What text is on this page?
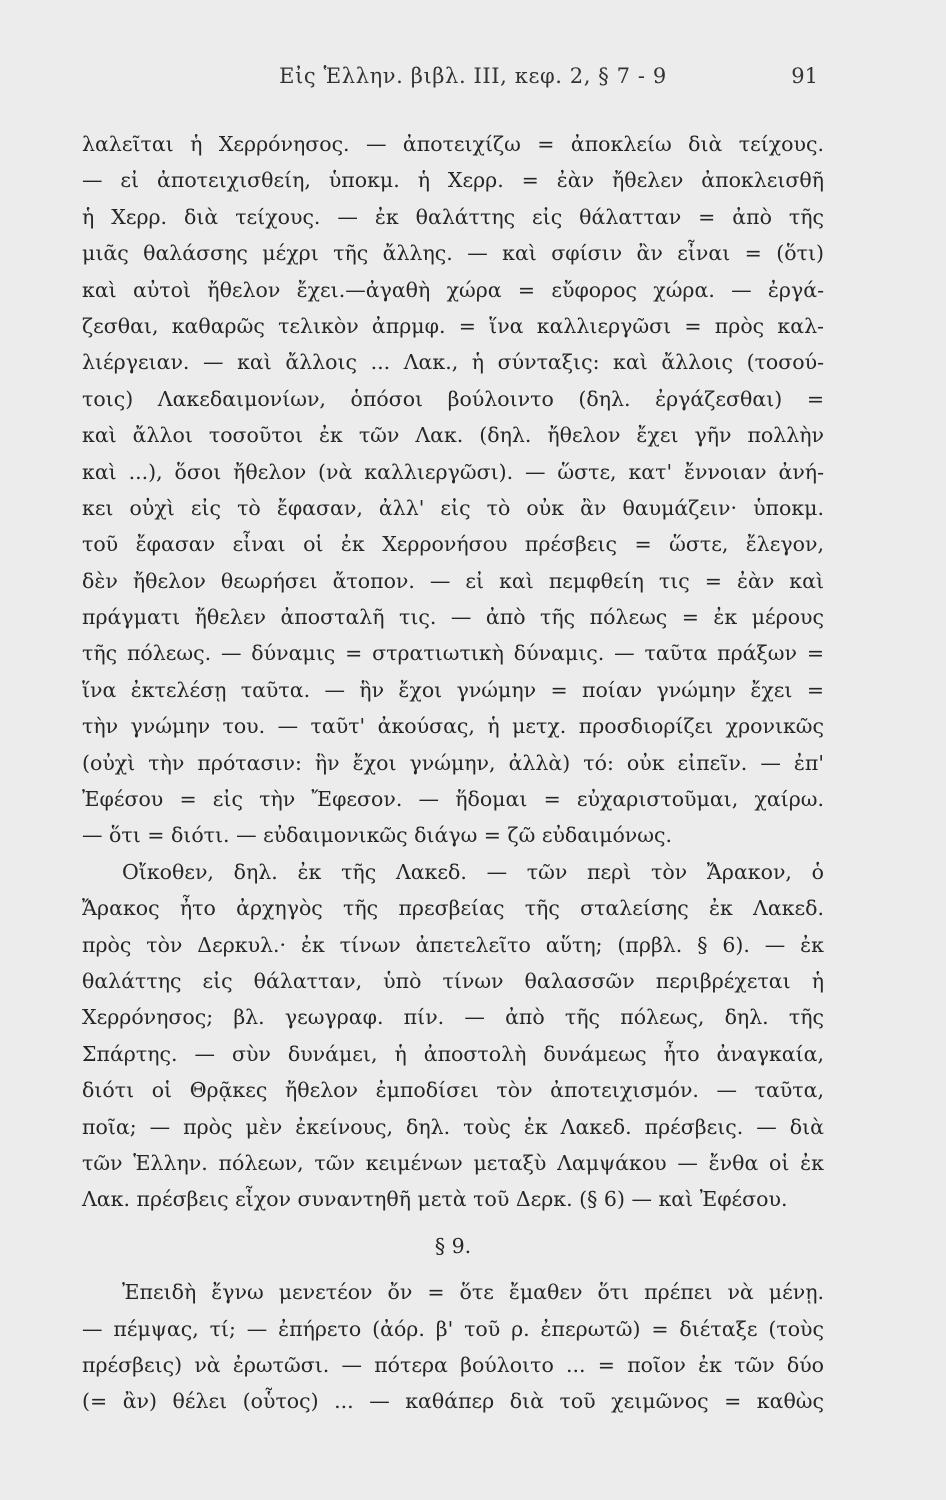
Εἰς Ἑλλην. βιβλ. ΙΙΙ, κεφ. 2, § 7 - 9	91
λαλεῖται ἡ Χερρόνησος. — ἀποτειχίζω = ἀποκλείω διὰ τείχους.
— εἰ ἀποτειχισθείη, ὑποκμ. ἡ Χερρ. = ἐὰν ἤθελεν ἀποκλεισθῆ
ἡ Χερρ. διὰ τείχους. — ἐκ θαλάττης εἰς θάλατταν = ἀπὸ τῆς
μιᾶς θαλάσσης μέχρι τῆς ἄλλης. — καὶ σφίσιν ἂν εἶναι = (ὅτι)
καὶ αὐτοὶ ἤθελον ἔχει.—ἀγαθὴ χώρα = εὔφορος χώρα. — ἐργά-
ζεσθαι, καθαρῶς τελικὸν ἀπρμφ. = ἵνα καλλιεργῶσι = πρὸς καλ-
λιέργειαν. — καὶ ἄλλοις ... Λακ., ἡ σύνταξις: καὶ ἄλλοις (τοσού-
τοις) Λακεδαιμονίων, ὁπόσοι βούλοιντο (δηλ. ἐργάζεσθαι) =
καὶ ἄλλοι τοσοῦτοι ἐκ τῶν Λακ. (δηλ. ἤθελον ἔχει γῆν πολλὴν
καὶ ...), ὅσοι ἤθελον (νὰ καλλιεργῶσι). — ὥστε, κατ' ἔννοιαν ἀνή-
κει οὐχὶ εἰς τὸ ἔφασαν, ἀλλ' εἰς τὸ οὐκ ἂν θαυμάζειν· ὑποκμ.
τοῦ ἔφασαν εἶναι οἱ ἐκ Χερρονήσου πρέσβεις = ὥστε, ἔλεγον,
δὲν ἤθελον θεωρήσει ἄτοπον. — εἰ καὶ πεμφθείη τις = ἐὰν καὶ
πράγματι ἤθελεν ἀποσταλῆ τις. — ἀπὸ τῆς πόλεως = ἐκ μέρους
τῆς πόλεως. — δύναμις = στρατιωτικὴ δύναμις. — ταῦτα πράξων =
ἵνα ἐκτελέσῃ ταῦτα. — ἣν ἔχοι γνώμην = ποίαν γνώμην ἔχει =
τὴν γνώμην του. — ταῦτ' ἀκούσας, ἡ μετχ. προσδιορίζει χρονικῶς
(οὐχὶ τὴν πρότασιν: ἣν ἔχοι γνώμην, ἀλλὰ) τό: οὐκ εἰπεῖν. — ἐπ'
Ἐφέσου = εἰς τὴν Ἔφεσον. — ἥδομαι = εὐχαριστοῦμαι, χαίρω.
— ὅτι = διότι. — εὐδαιμονικῶς διάγω = ζῶ εὐδαιμόνως.
Οἴκοθεν, δηλ. ἐκ τῆς Λακεδ. — τῶν περὶ τὸν Ἄρακον, ὁ
Ἄρακος ἦτο ἀρχηγὸς τῆς πρεσβείας τῆς σταλείσης ἐκ Λακεδ.
πρὸς τὸν Δερκυλ.· ἐκ τίνων ἀπετελεῖτο αὕτη; (πρβλ. § 6). — ἐκ
θαλάττης εἰς θάλατταν, ὑπὸ τίνων θαλασσῶν περιβρέχεται ἡ
Χερρόνησος; βλ. γεωγραφ. πίν. — ἀπὸ τῆς πόλεως, δηλ. τῆς
Σπάρτης. — σὺν δυνάμει, ἡ ἀποστολὴ δυνάμεως ἦτο ἀναγκαία,
διότι οἱ Θρᾷκες ἤθελον ἐμποδίσει τὸν ἀποτειχισμόν. — ταῦτα,
ποῖα; — πρὸς μὲν ἐκείνους, δηλ. τοὺς ἐκ Λακεδ. πρέσβεις. — διὰ
τῶν Ἑλλην. πόλεων, τῶν κειμένων μεταξὺ Λαμψάκου — ἔνθα οἱ ἐκ
Λακ. πρέσβεις εἶχον συναντηθῆ μετὰ τοῦ Δερκ. (§ 6) — καὶ Ἐφέσου.
§ 9.
Ἐπειδὴ ἔγνω μενετέον ὄν = ὅτε ἔμαθεν ὅτι πρέπει νὰ μένῃ.
— πέμψας, τί; — ἐπήρετο (ἀόρ. β' τοῦ ρ. ἐπερωτῶ) = διέταξε (τοὺς
πρέσβεις) νὰ ἐρωτῶσι. — πότερα βούλοιτο ... = ποῖον ἐκ τῶν δύο
(= ἂν) θέλει (οὗτος) ... — καθάπερ διὰ τοῦ χειμῶνος = καθὼς
